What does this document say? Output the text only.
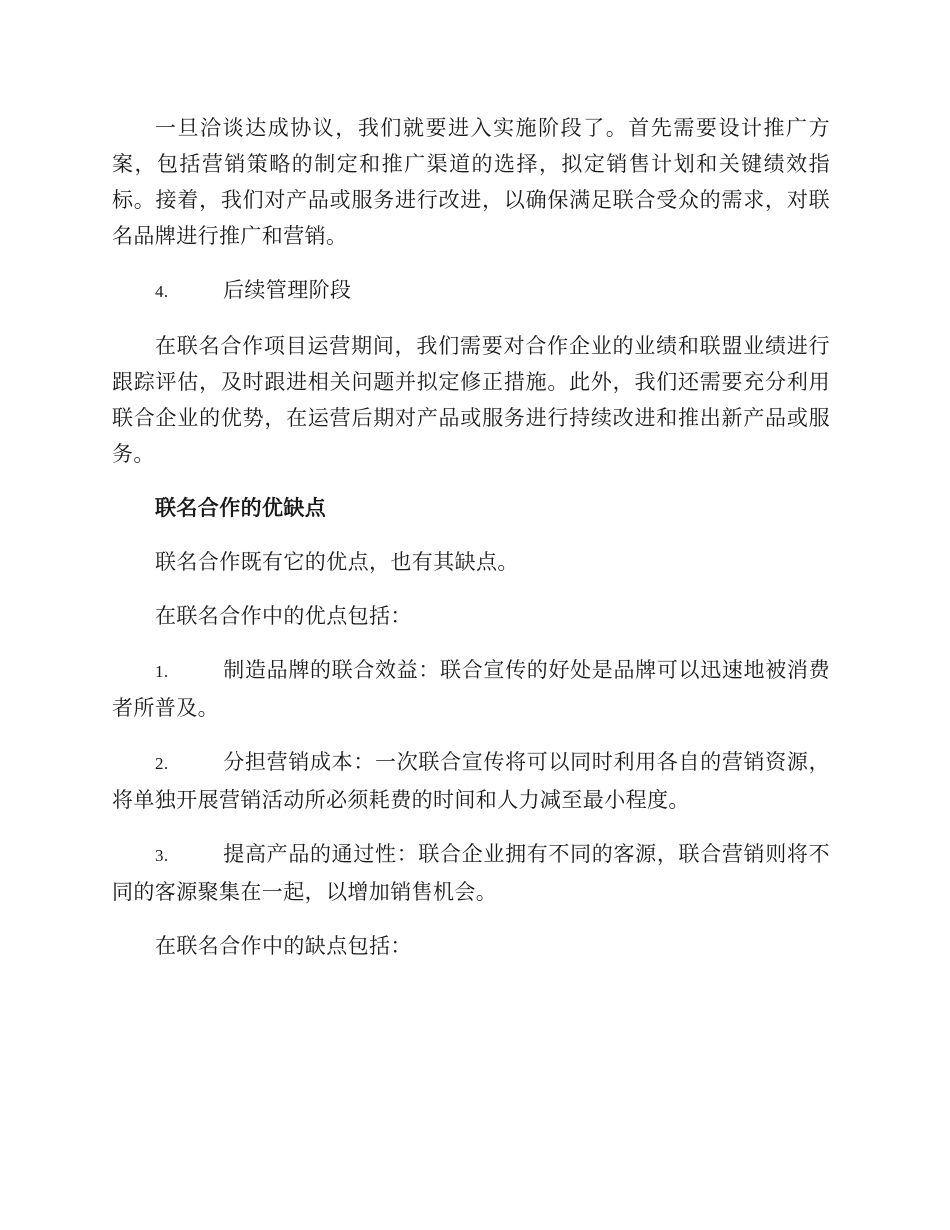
一旦洽谈达成协议，我们就要进入实施阶段了。首先需要设计推广方案，包括营销策略的制定和推广渠道的选择，拟定销售计划和关键绩效指标。接着，我们对产品或服务进行改进，以确保满足联合受众的需求，对联名品牌进行推广和营销。

4.	后续管理阶段

在联名合作项目运营期间，我们需要对合作企业的业绩和联盟业绩进行跟踪评估，及时跟进相关问题并拟定修正措施。此外，我们还需要充分利用联合企业的优势，在运营后期对产品或服务进行持续改进和推出新产品或服务。

联名合作的优缺点

联名合作既有它的优点，也有其缺点。

在联名合作中的优点包括：

1.	制造品牌的联合效益：联合宣传的好处是品牌可以迅速地被消费者所普及。

2.	分担营销成本：一次联合宣传将可以同时利用各自的营销资源，将单独开展营销活动所必须耗费的时间和人力减至最小程度。

3.	提高产品的通过性：联合企业拥有不同的客源，联合营销则将不同的客源聚集在一起，以增加销售机会。

在联名合作中的缺点包括：
